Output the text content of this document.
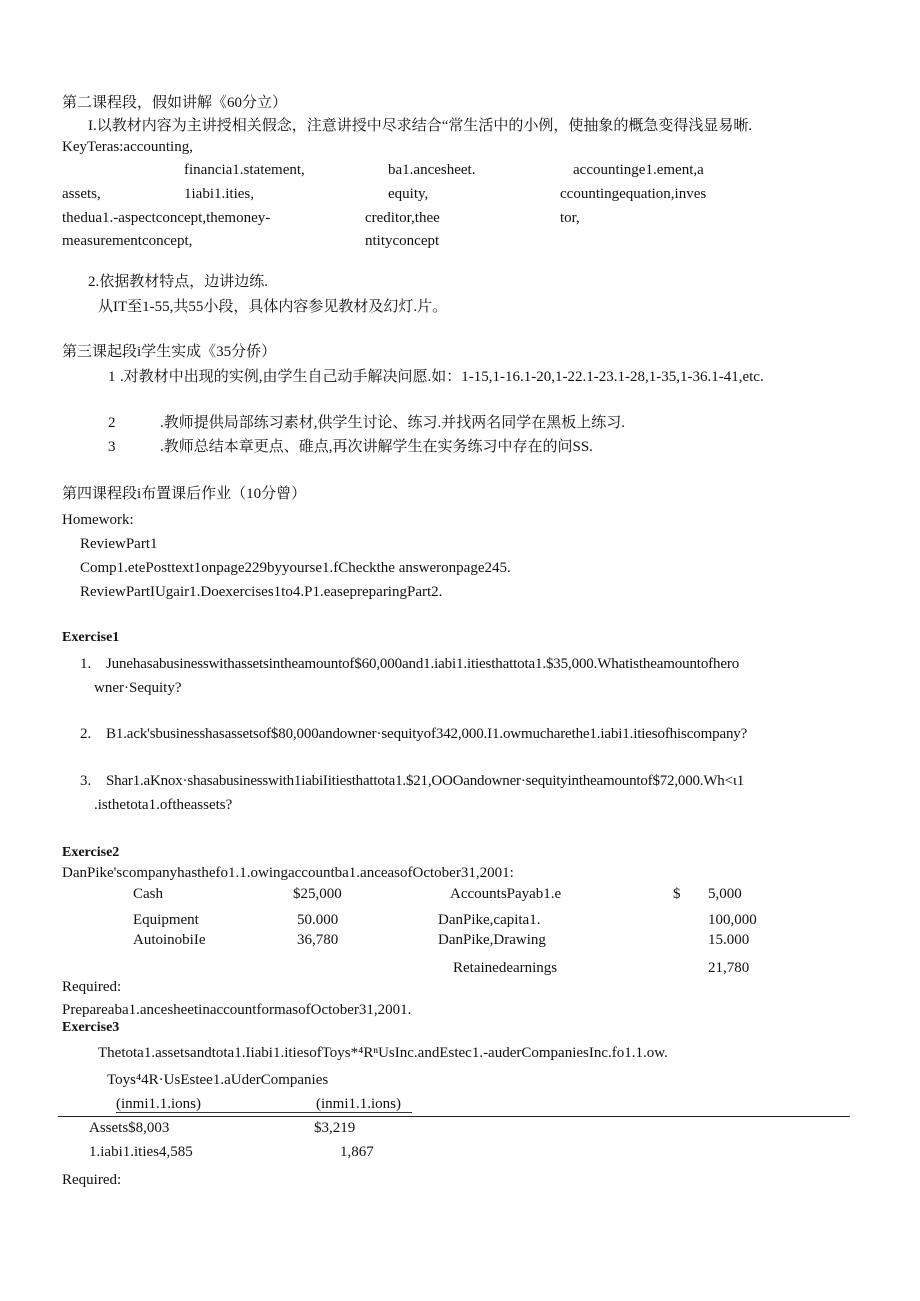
第二课程段，假如讲解《60分立）
I.以教材内容为主讲授相关假念，注意讲授中尽求结合“常生活中的小例，使抽象的概急变得浅显易晰.
KeyTeras:accounting,
financia1.statement,	ba1.ancesheet.	accountinge1.ement,a
assets,	1iabi1.ities,	equity,	ccountingequation,inves
thedua1.-aspectconcept,themoney-	creditor,thee	tor,
measurementconcept,	ntityconcept
2.依据教材特点，边讲边练.
从IT至1-55,共55小段，具体内容参见教材及幻灯.片。
第三课起段i学生实成《35分侨）
1 .对教材中出现的实例,由学生自己动手解决问愿.如：1-15,1-16.1-20,1-22.1-23.1-28,1-35,1-36.1-41,etc.
2	.教师提供局部练习素材,供学生讨论、练习.并找两名同学在黑板上练习.
3	.教师总结本章更点、碓点,再次讲解学生在实务练习中存在的问SS.
第四课程段i布置课后作业（10分曾）
Homework:
ReviewPart1
Comp1.etePosttext1onpage229byyourse1.fCheckthe answeronpage245.
ReviewPartIUgair1.Doexercises1to4.P1.easepreparingPart2.
Exercise1
1. Junehasabusinesswithassetsintheamountof$60,000and1.iabi1.itiesthattota1.$35,000.Whatistheamountofhero
wner·Sequity?
2. B1.ack'sbusinesshasassetsof$80,000andowner·sequityof342,000.I1.owmucharethe1.iabi1.itiesofhiscompany?
3. Shar1.aKnox·shasabusinesswith1iabiIitiesthattota1.$21,OOOandowner·sequityintheamountof$72,000.Wh<ι1
.isthetota1.oftheassets?
Exercise2
DanPike'scompanyhasthefo1.1.owingaccountba1.anceasofOctober31,2001:
Cash	$25,000	AccountsPayab1.e	$ 5,000
Equipment	50.000	DanPike,capita1.	100,000
AutoinobiIe	36,780	DanPike,Drawing	15.000
Retainedearnings	21,780
Required:
Prepareaba1.ancesheetinaccountformasofOctober31,2001.
Exercise3
Thetota1.assetsandtota1.Iiabi1.itiesofToys*⁴RⁿUsInc.andEstec1.-auderCompaniesInc.fo1.1.ow.
Toys⁴4R·UsEstee1.aUderCompanies
(inmi1.1.ions)	(inmi1.1.ions)
Assets$8,003	$3,219
1.iabi1.ities4,585	1,867
Required:
